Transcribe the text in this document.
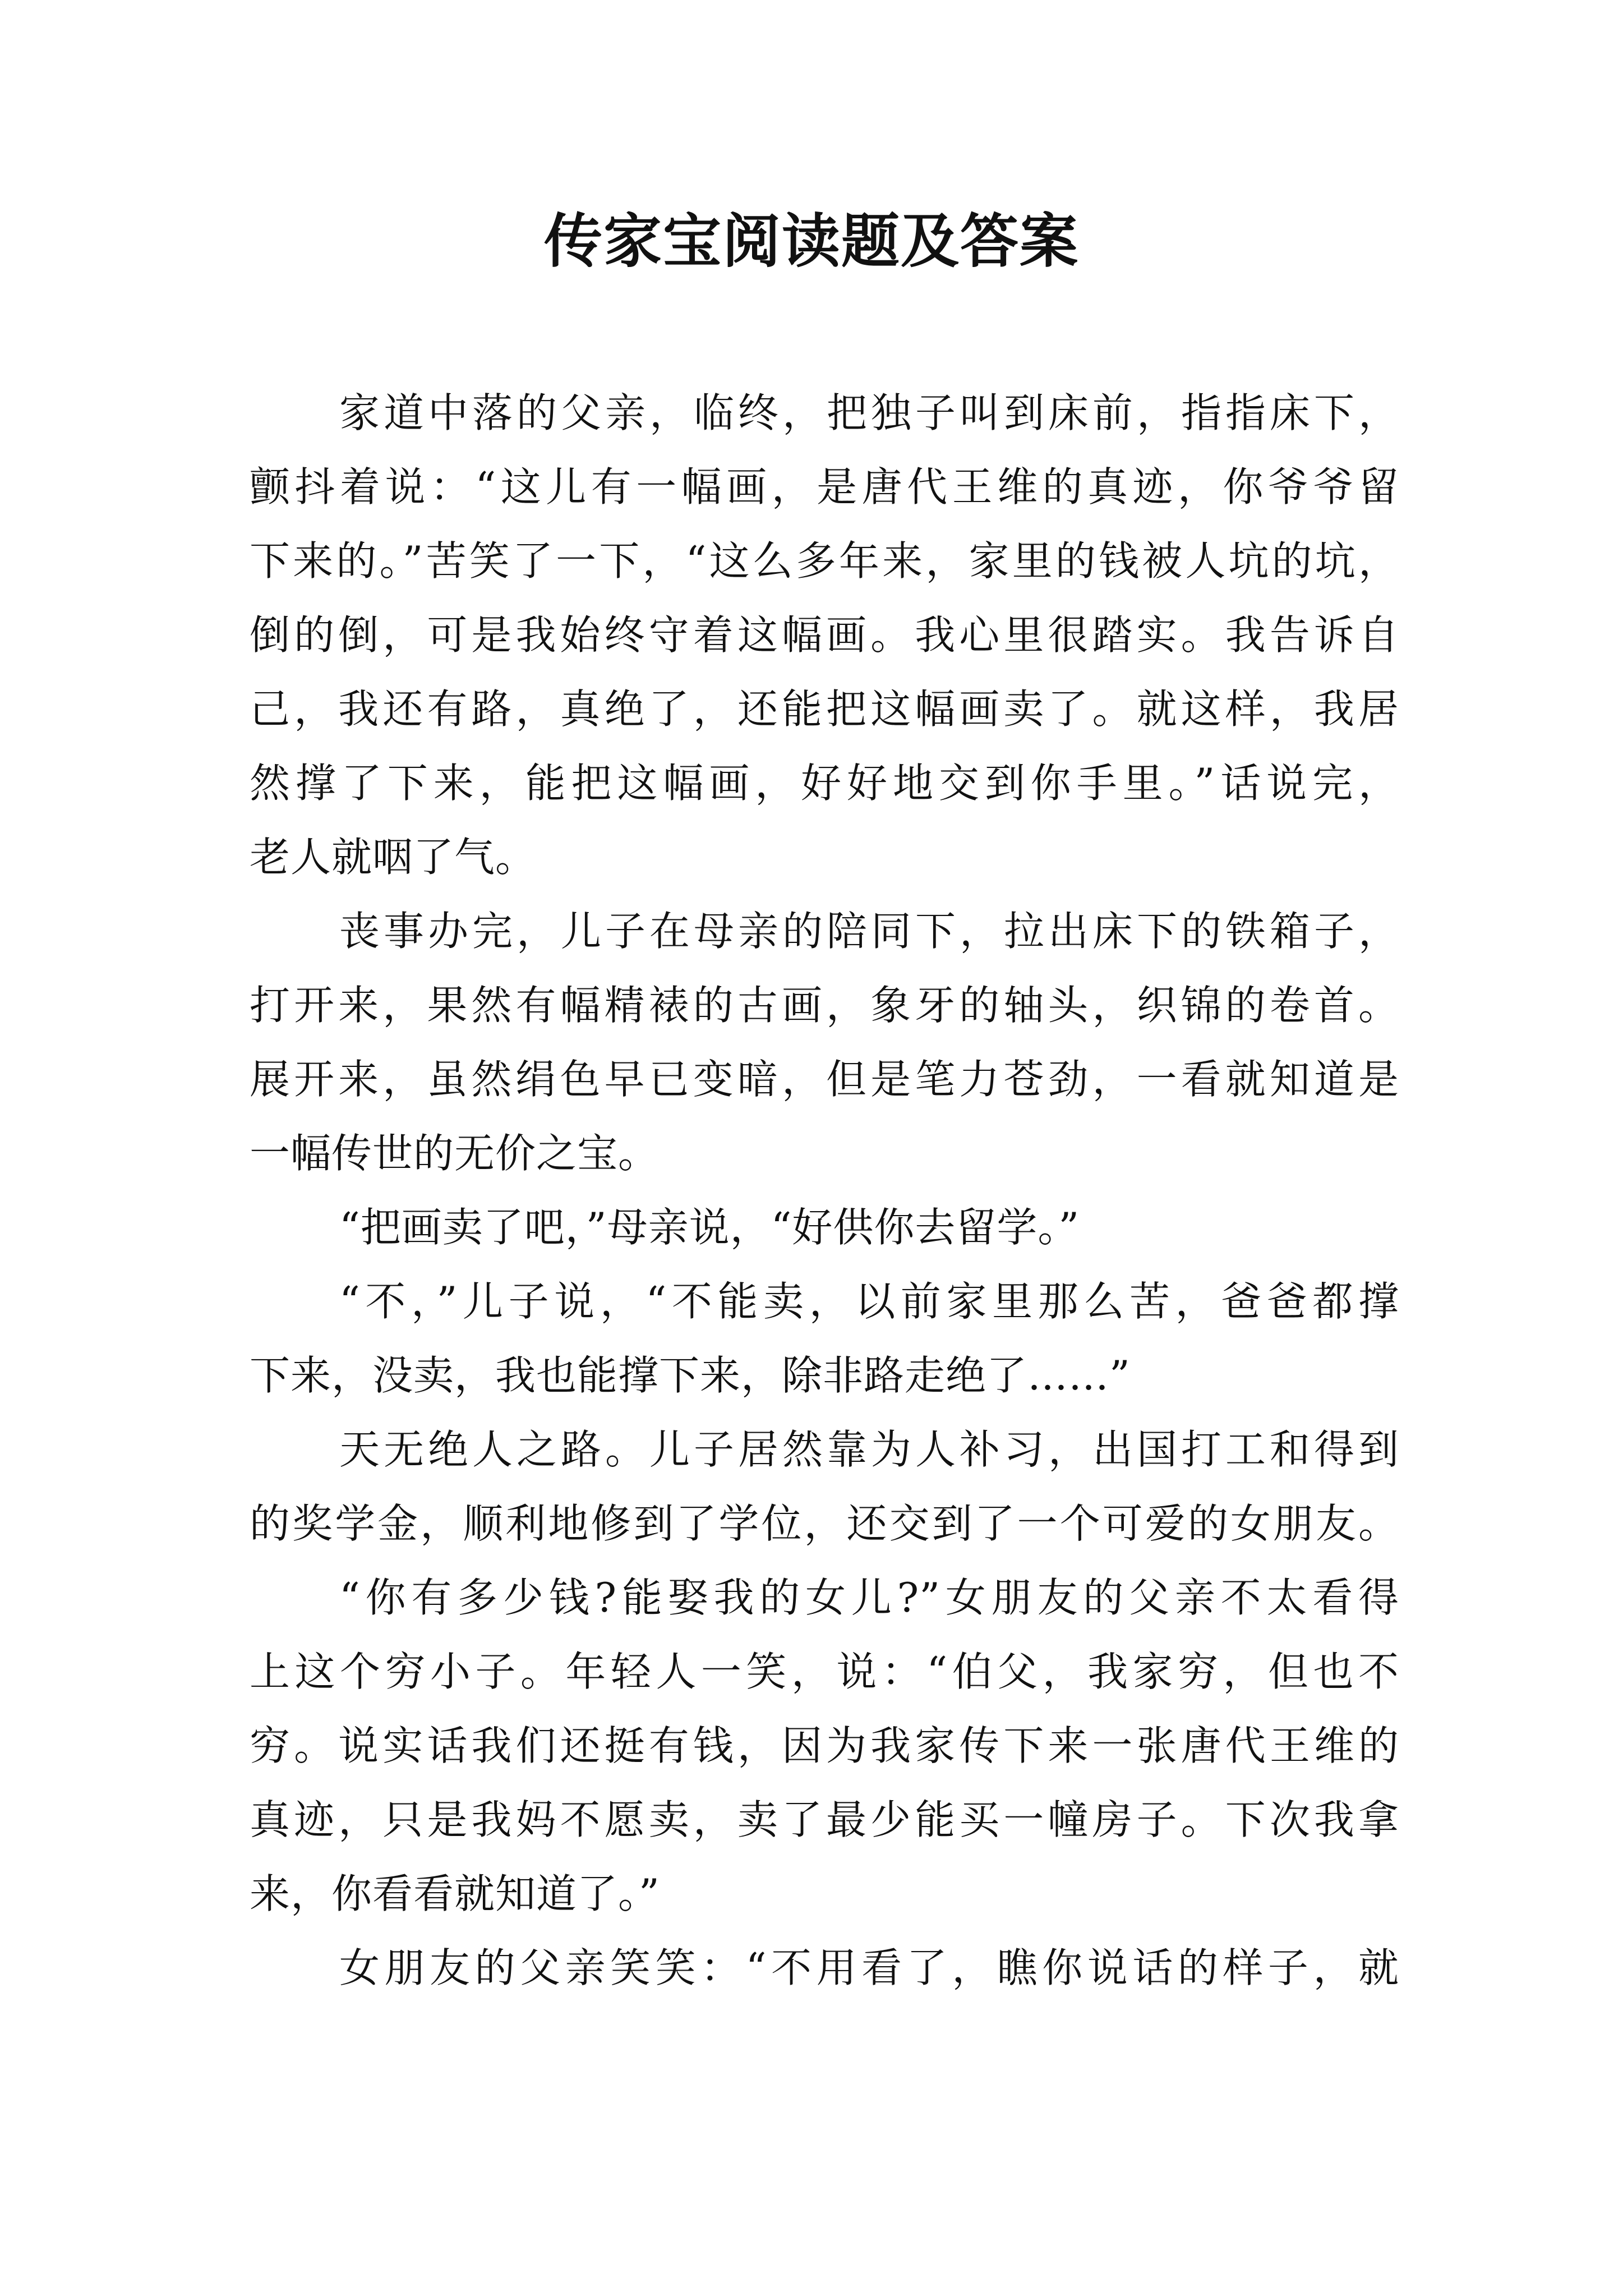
传家宝阅读题及答案
家道中落的父亲，临终，把独子叫到床前，指指床下，
颤抖着说：“这儿有一幅画，是唐代王维的真迹，你爷爷留
下来的。”苦笑了一下，“这么多年来，家里的钱被人坑的坑，
倒的倒，可是我始终守着这幅画。我心里很踏实。我告诉自
己，我还有路，真绝了，还能把这幅画卖了。就这样，我居
然撑了下来，能把这幅画，好好地交到你手里。”话说完，
老人就咽了气。
丧事办完，儿子在母亲的陪同下，拉出床下的铁箱子，
打开来，果然有幅精裱的古画，象牙的轴头，织锦的卷首。
展开来，虽然绢色早已变暗，但是笔力苍劲，一看就知道是
一幅传世的无价之宝。
“把画卖了吧，”母亲说，“好供你去留学。”
“不，”儿子说，“不能卖，以前家里那么苦，爸爸都撑
下来，没卖，我也能撑下来，除非路走绝了……”
天无绝人之路。儿子居然靠为人补习，出国打工和得到
的奖学金，顺利地修到了学位，还交到了一个可爱的女朋友。
“你有多少钱?能娶我的女儿?”女朋友的父亲不太看得
上这个穷小子。年轻人一笑，说：“伯父，我家穷，但也不
穷。说实话我们还挺有钱，因为我家传下来一张唐代王维的
真迹，只是我妈不愿卖，卖了最少能买一幢房子。下次我拿
来，你看看就知道了。”
女朋友的父亲笑笑：“不用看了，瞧你说话的样子，就
